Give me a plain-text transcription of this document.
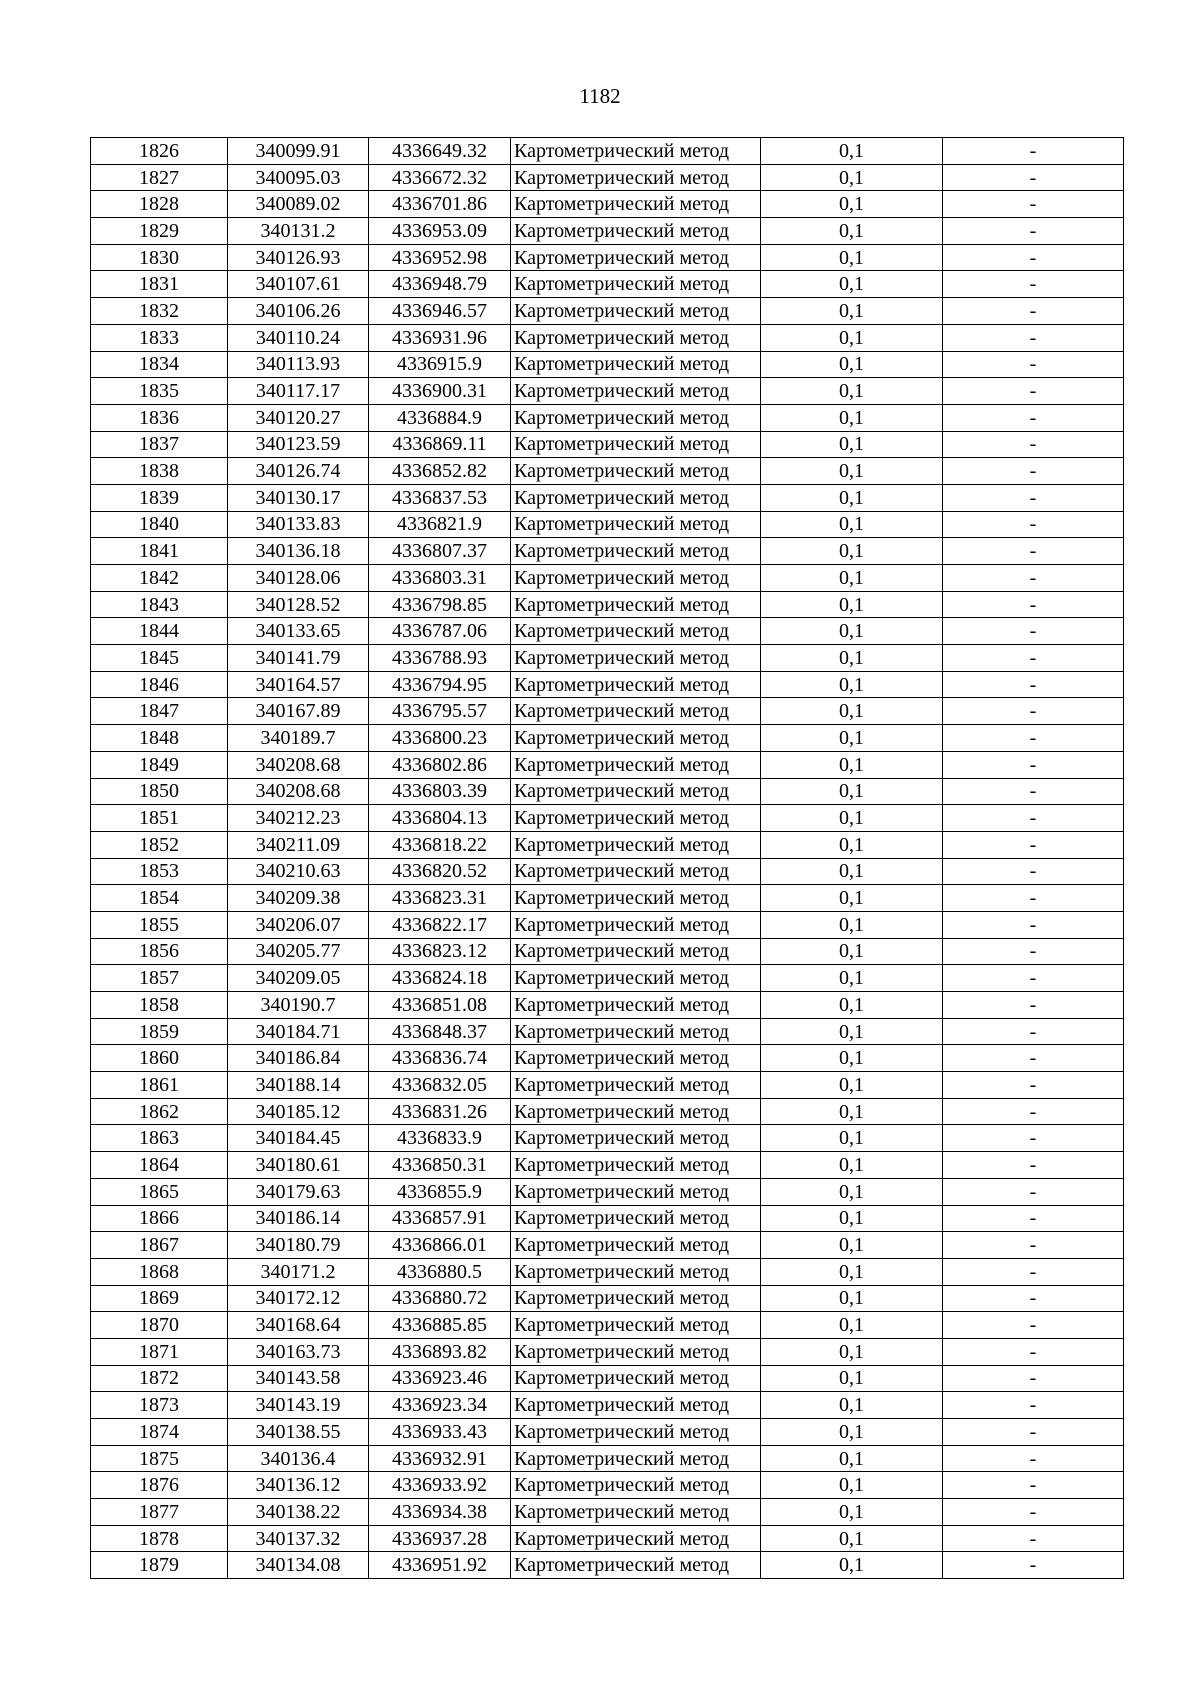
1182
1826	340099.91	4336649.32	Картометрический метод	0,1	-
1827	340095.03	4336672.32	Картометрический метод	0,1	-
1828	340089.02	4336701.86	Картометрический метод	0,1	-
1829	340131.2	4336953.09	Картометрический метод	0,1	-
1830	340126.93	4336952.98	Картометрический метод	0,1	-
1831	340107.61	4336948.79	Картометрический метод	0,1	-
1832	340106.26	4336946.57	Картометрический метод	0,1	-
1833	340110.24	4336931.96	Картометрический метод	0,1	-
1834	340113.93	4336915.9	Картометрический метод	0,1	-
1835	340117.17	4336900.31	Картометрический метод	0,1	-
1836	340120.27	4336884.9	Картометрический метод	0,1	-
1837	340123.59	4336869.11	Картометрический метод	0,1	-
1838	340126.74	4336852.82	Картометрический метод	0,1	-
1839	340130.17	4336837.53	Картометрический метод	0,1	-
1840	340133.83	4336821.9	Картометрический метод	0,1	-
1841	340136.18	4336807.37	Картометрический метод	0,1	-
1842	340128.06	4336803.31	Картометрический метод	0,1	-
1843	340128.52	4336798.85	Картометрический метод	0,1	-
1844	340133.65	4336787.06	Картометрический метод	0,1	-
1845	340141.79	4336788.93	Картометрический метод	0,1	-
1846	340164.57	4336794.95	Картометрический метод	0,1	-
1847	340167.89	4336795.57	Картометрический метод	0,1	-
1848	340189.7	4336800.23	Картометрический метод	0,1	-
1849	340208.68	4336802.86	Картометрический метод	0,1	-
1850	340208.68	4336803.39	Картометрический метод	0,1	-
1851	340212.23	4336804.13	Картометрический метод	0,1	-
1852	340211.09	4336818.22	Картометрический метод	0,1	-
1853	340210.63	4336820.52	Картометрический метод	0,1	-
1854	340209.38	4336823.31	Картометрический метод	0,1	-
1855	340206.07	4336822.17	Картометрический метод	0,1	-
1856	340205.77	4336823.12	Картометрический метод	0,1	-
1857	340209.05	4336824.18	Картометрический метод	0,1	-
1858	340190.7	4336851.08	Картометрический метод	0,1	-
1859	340184.71	4336848.37	Картометрический метод	0,1	-
1860	340186.84	4336836.74	Картометрический метод	0,1	-
1861	340188.14	4336832.05	Картометрический метод	0,1	-
1862	340185.12	4336831.26	Картометрический метод	0,1	-
1863	340184.45	4336833.9	Картометрический метод	0,1	-
1864	340180.61	4336850.31	Картометрический метод	0,1	-
1865	340179.63	4336855.9	Картометрический метод	0,1	-
1866	340186.14	4336857.91	Картометрический метод	0,1	-
1867	340180.79	4336866.01	Картометрический метод	0,1	-
1868	340171.2	4336880.5	Картометрический метод	0,1	-
1869	340172.12	4336880.72	Картометрический метод	0,1	-
1870	340168.64	4336885.85	Картометрический метод	0,1	-
1871	340163.73	4336893.82	Картометрический метод	0,1	-
1872	340143.58	4336923.46	Картометрический метод	0,1	-
1873	340143.19	4336923.34	Картометрический метод	0,1	-
1874	340138.55	4336933.43	Картометрический метод	0,1	-
1875	340136.4	4336932.91	Картометрический метод	0,1	-
1876	340136.12	4336933.92	Картометрический метод	0,1	-
1877	340138.22	4336934.38	Картометрический метод	0,1	-
1878	340137.32	4336937.28	Картометрический метод	0,1	-
1879	340134.08	4336951.92	Картометрический метод	0,1	-
